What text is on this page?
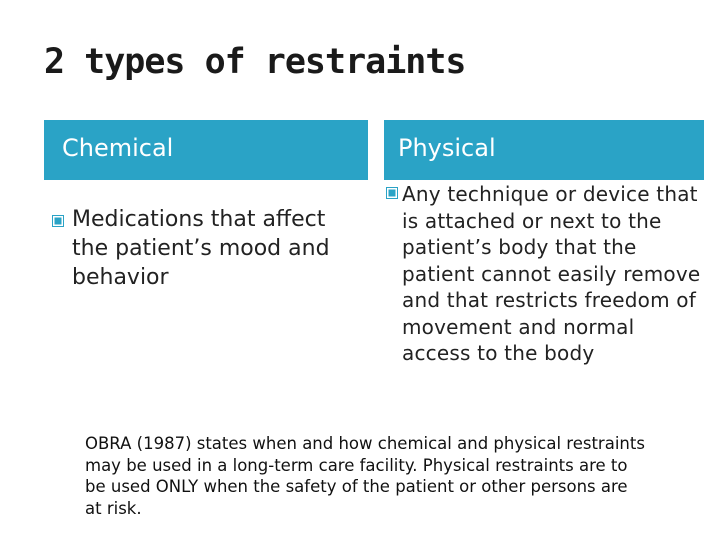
2 types of restraints
Chemical	Physical
Medications that affect the patient’s mood and behavior
Any technique or device that is attached or next to the patient’s body that the patient cannot easily remove and that restricts freedom of movement and normal access to the body

OBRA (1987) states when and how chemical and physical restraints may be used in a long-term care facility. Physical restraints are to be used ONLY when the safety of the patient or other persons are at risk.
